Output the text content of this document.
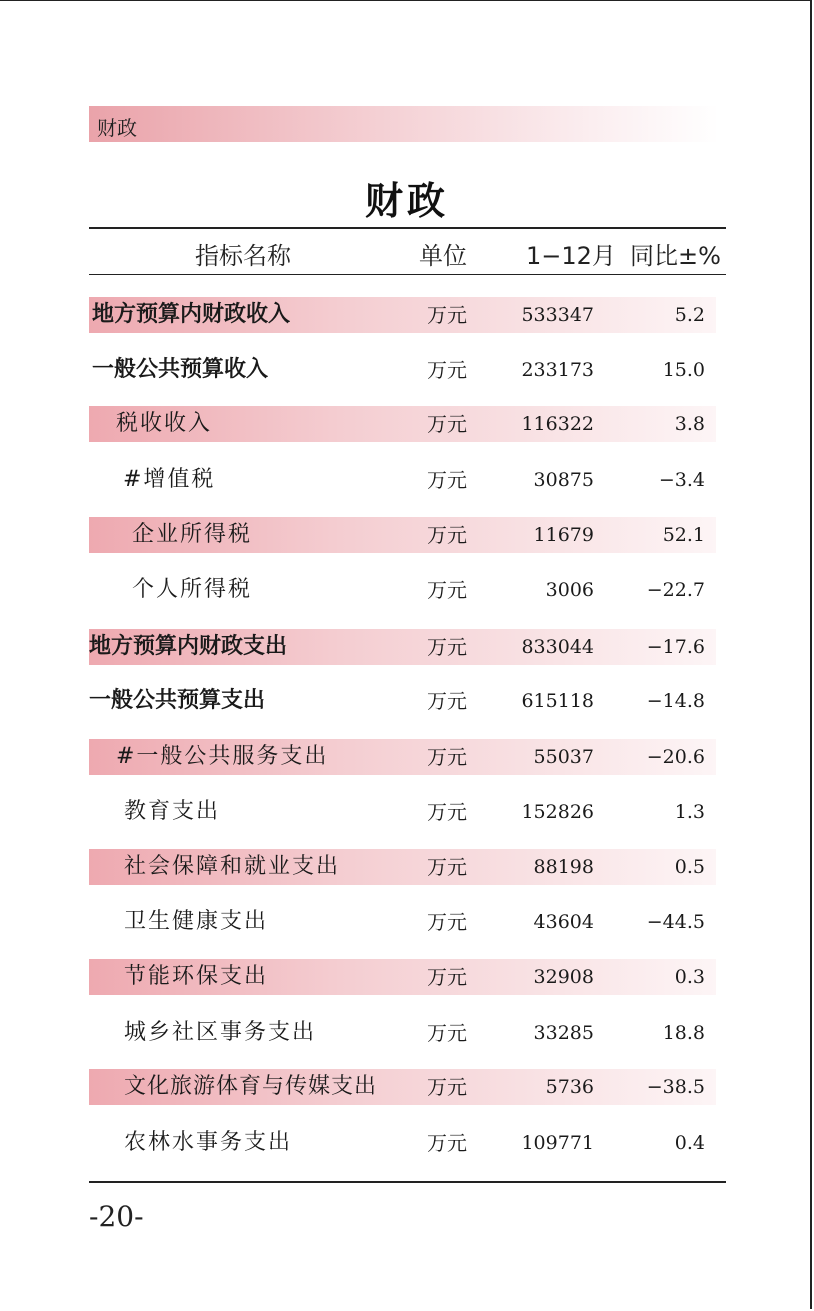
财政
财政
指标名称	单位 1−12月 同比±%
地方预算内财政收入	万元	533347	5.2
一般公共预算收入	万元	233173	15.0
税收收入	万元	116322	3.8
#增值税	万元	30875	−3.4
企业所得税	万元	11679	52.1
个人所得税	万元	3006	−22.7
地方预算内财政支出	万元	833044	−17.6
一般公共预算支出	万元	615118	−14.8
#一般公共服务支出	万元	55037	−20.6
教育支出	万元	152826	1.3
社会保障和就业支出	万元	88198	0.5
卫生健康支出	万元	43604	−44.5
节能环保支出	万元	32908	0.3
城乡社区事务支出	万元	33285	18.8
文化旅游体育与传媒支出 万元	5736	−38.5
农林水事务支出	万元	109771	0.4
-20-
